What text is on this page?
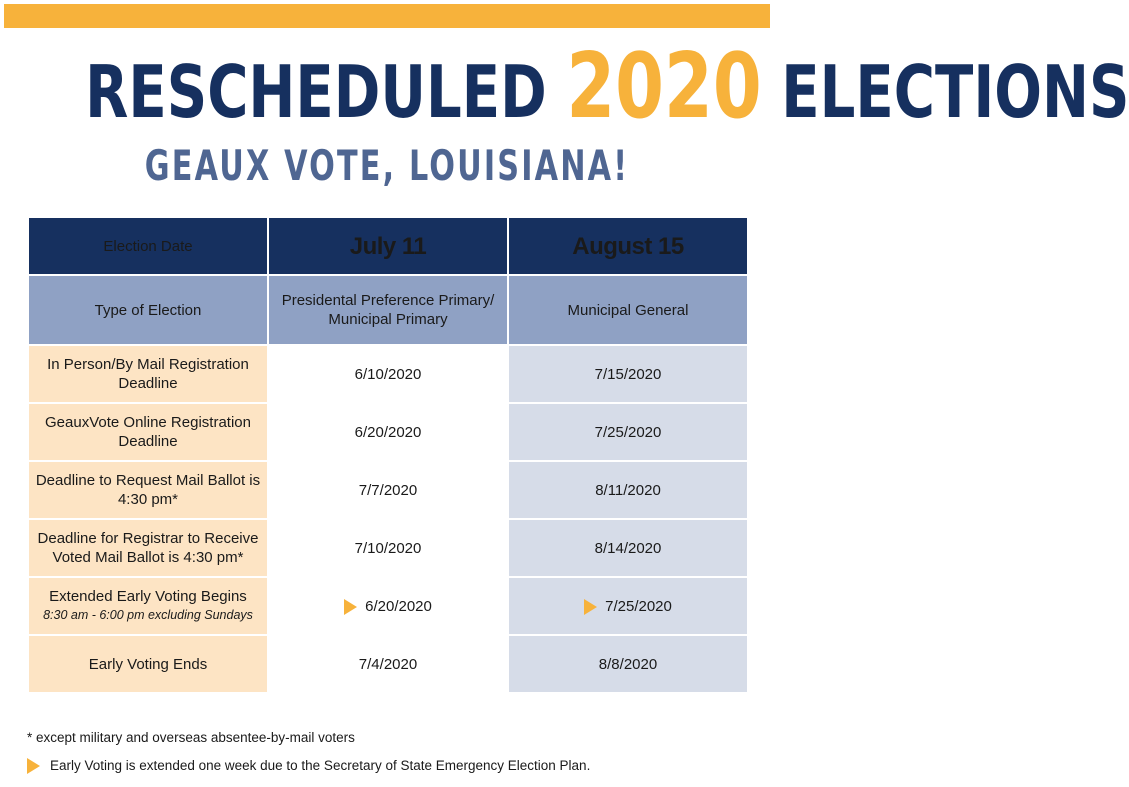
RESCHEDULED 2020 ELECTIONS
GEAUX VOTE, LOUISIANA!
Election Date	July 11	August 15
Type of Election	Presidental Preference Primary/ Municipal Primary	Municipal General

In Person/By Mail Registration Deadline	6/10/2020	7/15/2020

GeauxVote Online Registration Deadline	6/20/2020	7/25/2020

Deadline to Request Mail Ballot is 4:30 pm*	7/7/2020	8/11/2020

Deadline for Registrar to Receive Voted Mail Ballot is 4:30 pm*	7/10/2020	8/14/2020

Extended Early Voting Begins
8:30 am - 6:00 pm excluding Sundays	6/20/2020	7/25/2020

Early Voting Ends	7/4/2020	8/8/2020
* except military and overseas absentee-by-mail voters
Early Voting is extended one week due to the Secretary of State Emergency Election Plan.
